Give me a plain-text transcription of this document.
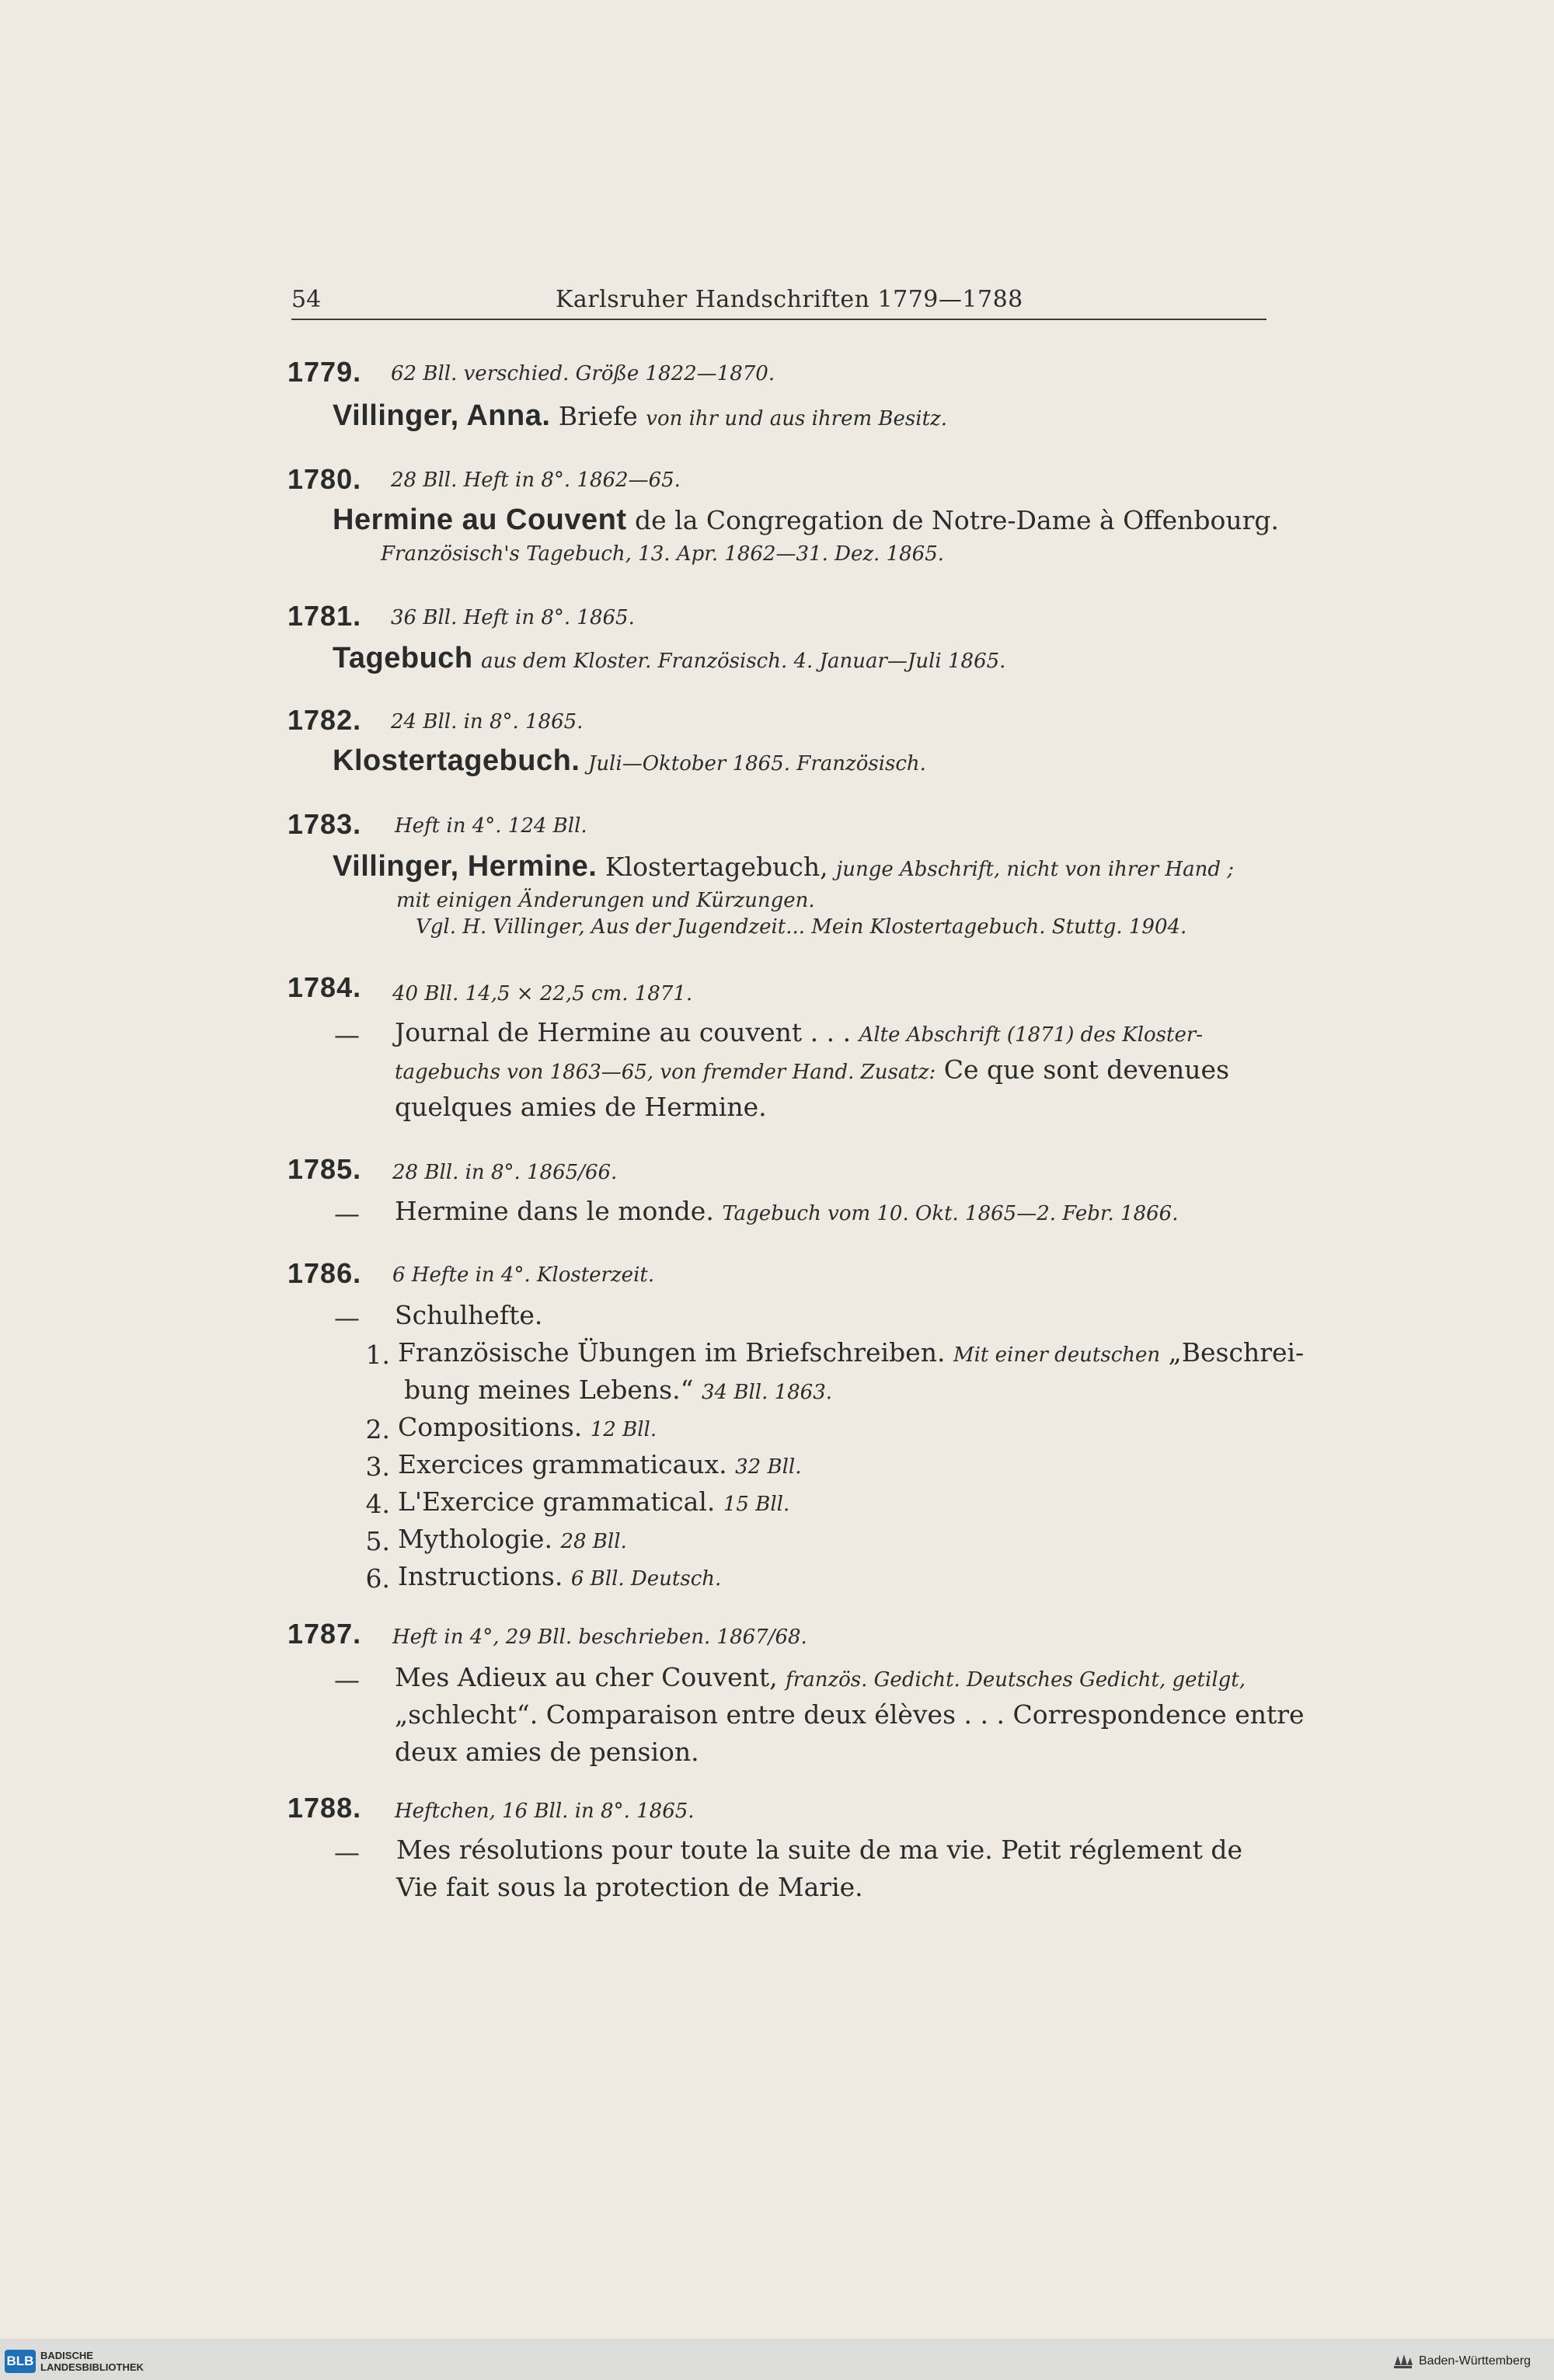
54	Karlsruher Handschriften 1779—1788
1779. 62 Bll. verschied. Größe 1822—1870.
Villinger, Anna. Briefe von ihr und aus ihrem Besitz.
1780. 28 Bll. Heft in 8°. 1862—65.
Hermine au Couvent de la Congregation de Notre-Dame à Offenbourg.
Französisch's Tagebuch, 13. Apr. 1862—31. Dez. 1865.
1781. 36 Bll. Heft in 8°. 1865.
Tagebuch aus dem Kloster. Französisch. 4. Januar—Juli 1865.
1782. 24 Bll. in 8°. 1865.
Klostertagebuch. Juli—Oktober 1865. Französisch.
1783. Heft in 4°. 124 Bll.
Villinger, Hermine. Klostertagebuch, junge Abschrift, nicht von ihrer Hand ;
mit einigen Änderungen und Kürzungen.
Vgl. H. Villinger, Aus der Jugendzeit... Mein Klostertagebuch. Stuttg. 1904.
1784. 40 Bll. 14,5 × 22,5 cm. 1871.
— Journal de Hermine au couvent . . . Alte Abschrift (1871) des Kloster-
tagebuchs von 1863—65, von fremder Hand. Zusatz: Ce que sont devenues
quelques amies de Hermine.
1785. 28 Bll. in 8°. 1865/66.
— Hermine dans le monde. Tagebuch vom 10. Okt. 1865—2. Febr. 1866.
1786. 6 Hefte in 4°. Klosterzeit.
— Schulhefte.
1. Französische Übungen im Briefschreiben. Mit einer deutschen „Beschrei-
bung meines Lebens.“ 34 Bll. 1863.
2. Compositions. 12 Bll.
3. Exercices grammaticaux. 32 Bll.
4. L'Exercice grammatical. 15 Bll.
5. Mythologie. 28 Bll.
6. Instructions. 6 Bll. Deutsch.
1787. Heft in 4°, 29 Bll. beschrieben. 1867/68.
— Mes Adieux au cher Couvent, französ. Gedicht. Deutsches Gedicht, getilgt,
„schlecht“. Comparaison entre deux élèves . . . Correspondence entre
deux amies de pension.
1788. Heftchen, 16 Bll. in 8°. 1865.
— Mes résolutions pour toute la suite de ma vie. Petit réglement de
Vie fait sous la protection de Marie.
BLB BADISCHE
LANDESBIBLIOTHEK	Baden-Württemberg
